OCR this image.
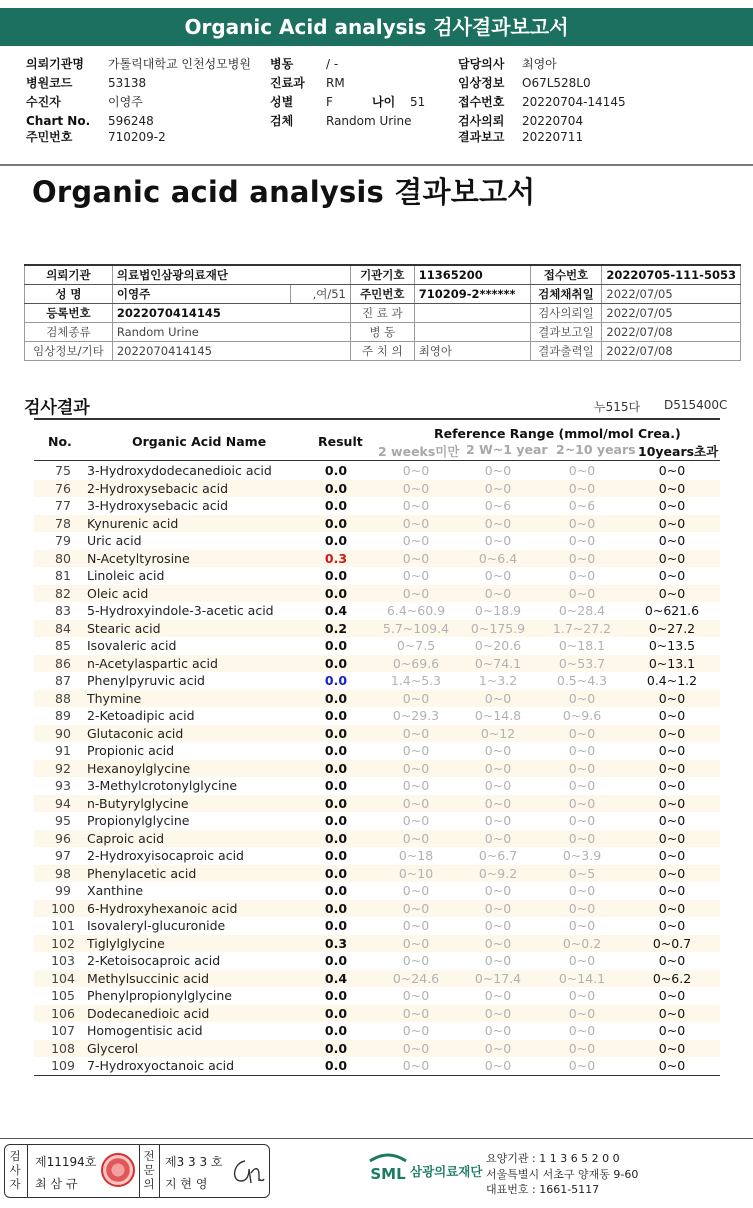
Organic Acid analysis 검사결과보고서
의뢰기관명 가톨릭대학교 인천성모병원
병원코드	53138
수진자	이영주
Chart No. 596248
주민번호	710209-2
병동	/ -
진료과 RM
성별	F	나이 51
검체	Random Urine
담당의사 최영아
임상정보 O67L528L0
접수번호 20220704-14145
검사의뢰 20220704
결과보고 20220711
Organic acid analysis 결과보고서
의뢰기관	의료법인삼광의료재단		기관기호	11365200	접수번호	20220705-111-5053
성 명	이영주	,여/51	주민번호	710209-2******	검체채취일	2022/07/05
등록번호	2022070414145		진 료 과		검사의뢰일	2022/07/05
검체종류	Random Urine		병 동		결과보고일	2022/07/08
임상정보/기타	2022070414145		주 치 의	최영아	결과출력일	2022/07/08
검사결과	누515다 D515400C
No.	Organic Acid Name	Result
Reference Range (mmol/mol Crea.)
2 weeks미만 2 W~1 year 2~10 years 10years초과
75	3-Hydroxydodecanedioic acid	0.0	0~0	0~0	0~0	0~0
76	2-Hydroxysebacic acid	0.0	0~0	0~0	0~0	0~0
77	3-Hydroxysebacic acid	0.0	0~0	0~6	0~6	0~0
78	Kynurenic acid	0.0	0~0	0~0	0~0	0~0
79	Uric acid	0.0	0~0	0~0	0~0	0~0
80	N-Acetyltyrosine	0.3	0~0	0~6.4	0~0	0~0
81	Linoleic acid	0.0	0~0	0~0	0~0	0~0
82	Oleic acid	0.0	0~0	0~0	0~0	0~0
83	5-Hydroxyindole-3-acetic acid	0.4	6.4~60.9	0~18.9	0~28.4	0~621.6
84	Stearic acid	0.2	5.7~109.4	0~175.9	1.7~27.2	0~27.2
85	Isovaleric acid	0.0	0~7.5	0~20.6	0~18.1	0~13.5
86	n-Acetylaspartic acid	0.0	0~69.6	0~74.1	0~53.7	0~13.1
87	Phenylpyruvic acid	0.0	1.4~5.3	1~3.2	0.5~4.3	0.4~1.2
88	Thymine	0.0	0~0	0~0	0~0	0~0
89	2-Ketoadipic acid	0.0	0~29.3	0~14.8	0~9.6	0~0
90	Glutaconic acid	0.0	0~0	0~12	0~0	0~0
91	Propionic acid	0.0	0~0	0~0	0~0	0~0
92	Hexanoylglycine	0.0	0~0	0~0	0~0	0~0
93	3-Methylcrotonylglycine	0.0	0~0	0~0	0~0	0~0
94	n-Butyrylglycine	0.0	0~0	0~0	0~0	0~0
95	Propionylglycine	0.0	0~0	0~0	0~0	0~0
96	Caproic acid	0.0	0~0	0~0	0~0	0~0
97	2-Hydroxyisocaproic acid	0.0	0~18	0~6.7	0~3.9	0~0
98	Phenylacetic acid	0.0	0~10	0~9.2	0~5	0~0
99	Xanthine	0.0	0~0	0~0	0~0	0~0
100 6-Hydroxyhexanoic acid	0.0	0~0	0~0	0~0	0~0
101 Isovaleryl-glucuronide	0.0	0~0	0~0	0~0	0~0
102 Tiglylglycine	0.3	0~0	0~0	0~0.2	0~0.7
103 2-Ketoisocaproic acid	0.0	0~0	0~0	0~0	0~0
104 Methylsuccinic acid	0.4	0~24.6	0~17.4	0~14.1	0~6.2
105 Phenylpropionylglycine	0.0	0~0	0~0	0~0	0~0
106 Dodecanedioic acid	0.0	0~0	0~0	0~0	0~0
107 Homogentisic acid	0.0	0~0	0~0	0~0	0~0
108 Glycerol	0.0	0~0	0~0	0~0	0~0
109 7-Hydroxyoctanoic acid	0.0	0~0	0~0	0~0	0~0
검
사
자
제11194호
최 삼 규
전
문
의
제3 3 3 호
지 현 영
SML 삼광의료재단
요양기관 : 1 1 3 6 5 2 0 0
서울특별시 서초구 양재동 9-60
대표번호 : 1661-5117
